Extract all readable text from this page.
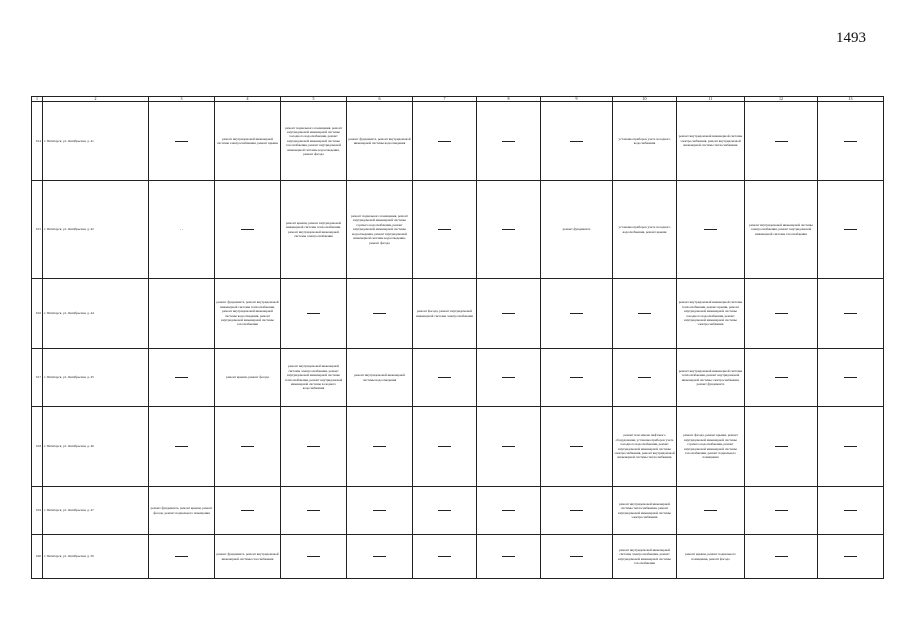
1493
1	2	3	4	5	6	7	8	9	10	11	12	13
614	г. Пятигорск, ул. Октябрьская, д. 41		ремонт внутридомовой инженерной системы электроснабжения, ремонт крыши	ремонт подвального помещения, ремонт внутридомовой инженерной системы холодного водоснабжения, ремонт внутридомовой инженерной системы газоснабжения, ремонт внутридомовой инженерной системы водоотведения, ремонт фасада	ремонт фундамента, ремонт внутридомовой инженерной системы водоотведения				установка приборов учета холодного водоснабжения	ремонт внутридомовой инженерной системы электроснабжения, ремонт внутридомовой инженерной системы теплоснабжения	

615	г. Пятигорск, ул. Октябрьская, д. 42	- -		ремонт крыши, ремонт внутридомовой инженерной системы теплоснабжения, ремонт внутридомовой инженерной системы электроснабжения	ремонт подвального помещения, ремонт внутридомовой инженерной системы горячего водоснабжения, ремонт внутридомовой инженерной системы водоотведения, ремонт внутридомовой инженерной системы водоотведения, ремонт фасада			ремонт фундамента	установка приборов учета холодного водоснабжения, ремонт крыши		ремонт внутридомовой инженерной системы электроснабжения, ремонт внутридомовой инженерной системы газоснабжения	

616	г. Пятигорск, ул. Октябрьская, д. 44		ремонт фундамента, ремонт внутридомовой инженерной системы теплоснабжения, ремонт внутридомовой инженерной системы водоотведения, ремонт внутридомовой инженерной системы газоснабжения			ремонт фасада, ремонт внутридомовой инженерной системы электроснабжения				ремонт внутридомовой инженерной системы теплоснабжения, ремонт крыши, ремонт внутридомовой инженерной системы холодного водоснабжения, ремонт внутридомовой инженерной системы электроснабжения	

617	г. Пятигорск, ул. Октябрьская, д. 45		ремонт крыши, ремонт фасада	ремонт внутридомовой инженерной системы электроснабжения, ремонт внутридомовой инженерной системы теплоснабжения, ремонт внутридомовой инженерной системы холодного водоснабжения	ремонт внутридомовой инженерной системы водоотведения					ремонт внутридомовой инженерной системы теплоснабжения, ремонт внутридомовой инженерной системы электроснабжения, ремонт фундамента	

618	г. Пятигорск, ул. Октябрьская, д. 46								ремонт или замена лифтового оборудования, установка приборов учета холодного водоснабжения, ремонт внутридомовой инженерной системы электроснабжения, ремонт внутридомовой инженерной системы теплоснабжения	ремонт фасада, ремонт крыши, ремонт внутридомовой инженерной системы горячего водоснабжения, ремонт внутридомовой инженерной системы газоснабжения, ремонт подвального помещения	

619	г. Пятигорск, ул. Октябрьская, д. 47	ремонт фундамента, ремонт крыши, ремонт фасада, ремонт подвального помещения							ремонт внутридомовой инженерной системы теплоснабжения, ремонт внутридомовой инженерной системы электроснабжения	

620	г. Пятигорск, ул. Октябрьская, д. 50		ремонт фундамента, ремонт внутридомовой инженерной системы газоснабжения						ремонт внутридомовой инженерной системы электроснабжения, ремонт внутридомовой инженерной системы газоснабжения	ремонт крыши, ремонт подвального помещения, ремонт фасада	
